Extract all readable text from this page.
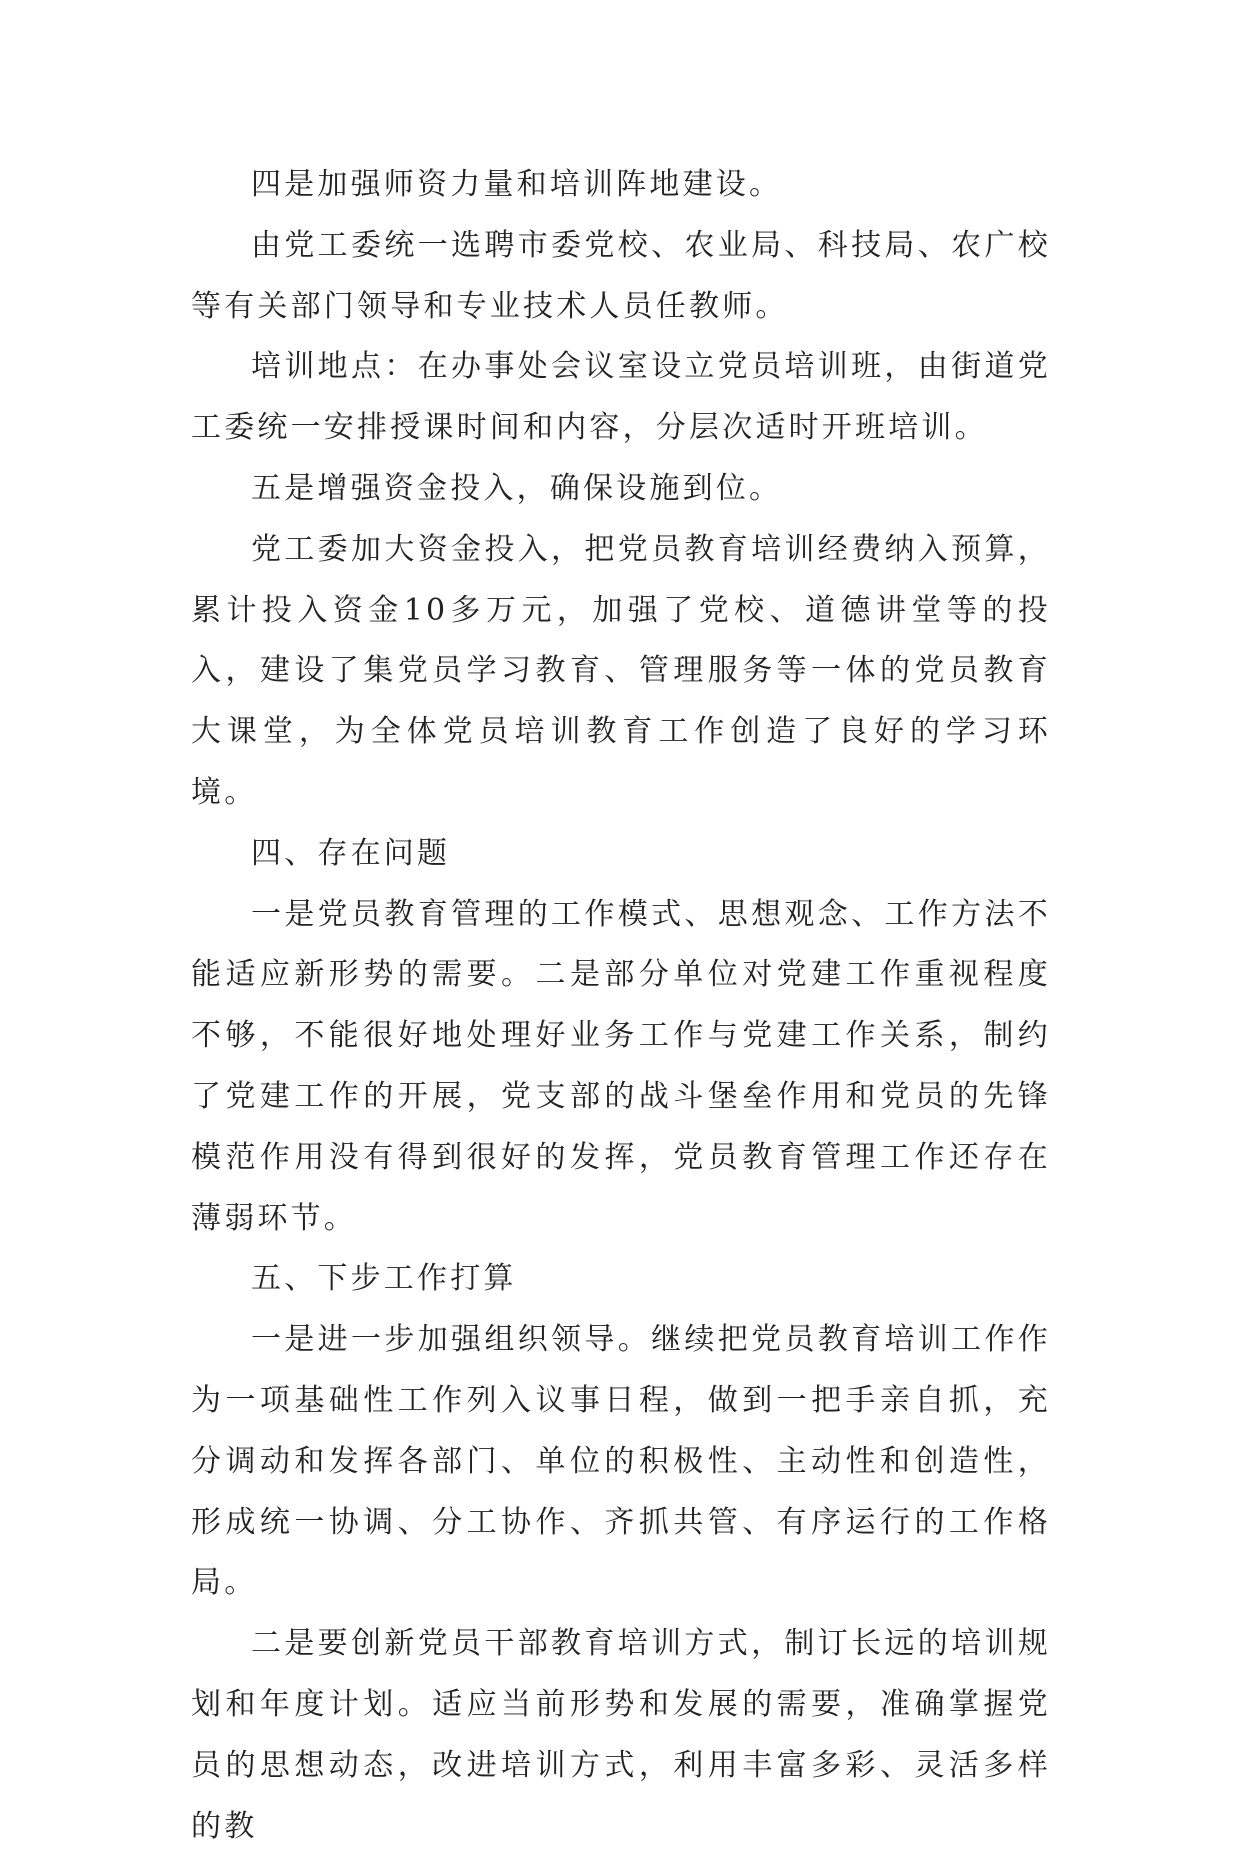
四是加强师资力量和培训阵地建设。

由党工委统一选聘市委党校、农业局、科技局、农广校等有关部门领导和专业技术人员任教师。

培训地点：在办事处会议室设立党员培训班，由街道党工委统一安排授课时间和内容，分层次适时开班培训。

五是增强资金投入，确保设施到位。

党工委加大资金投入，把党员教育培训经费纳入预算，累计投入资金10多万元，加强了党校、道德讲堂等的投入，建设了集党员学习教育、管理服务等一体的党员教育大课堂，为全体党员培训教育工作创造了良好的学习环境。

四、存在问题

一是党员教育管理的工作模式、思想观念、工作方法不能适应新形势的需要。二是部分单位对党建工作重视程度不够，不能很好地处理好业务工作与党建工作关系，制约了党建工作的开展，党支部的战斗堡垒作用和党员的先锋模范作用没有得到很好的发挥，党员教育管理工作还存在薄弱环节。

五、下步工作打算

一是进一步加强组织领导。继续把党员教育培训工作作为一项基础性工作列入议事日程，做到一把手亲自抓，充分调动和发挥各部门、单位的积极性、主动性和创造性，形成统一协调、分工协作、齐抓共管、有序运行的工作格局。

二是要创新党员干部教育培训方式，制订长远的培训规划和年度计划。适应当前形势和发展的需要，准确掌握党员的思想动态，改进培训方式，利用丰富多彩、灵活多样的教
